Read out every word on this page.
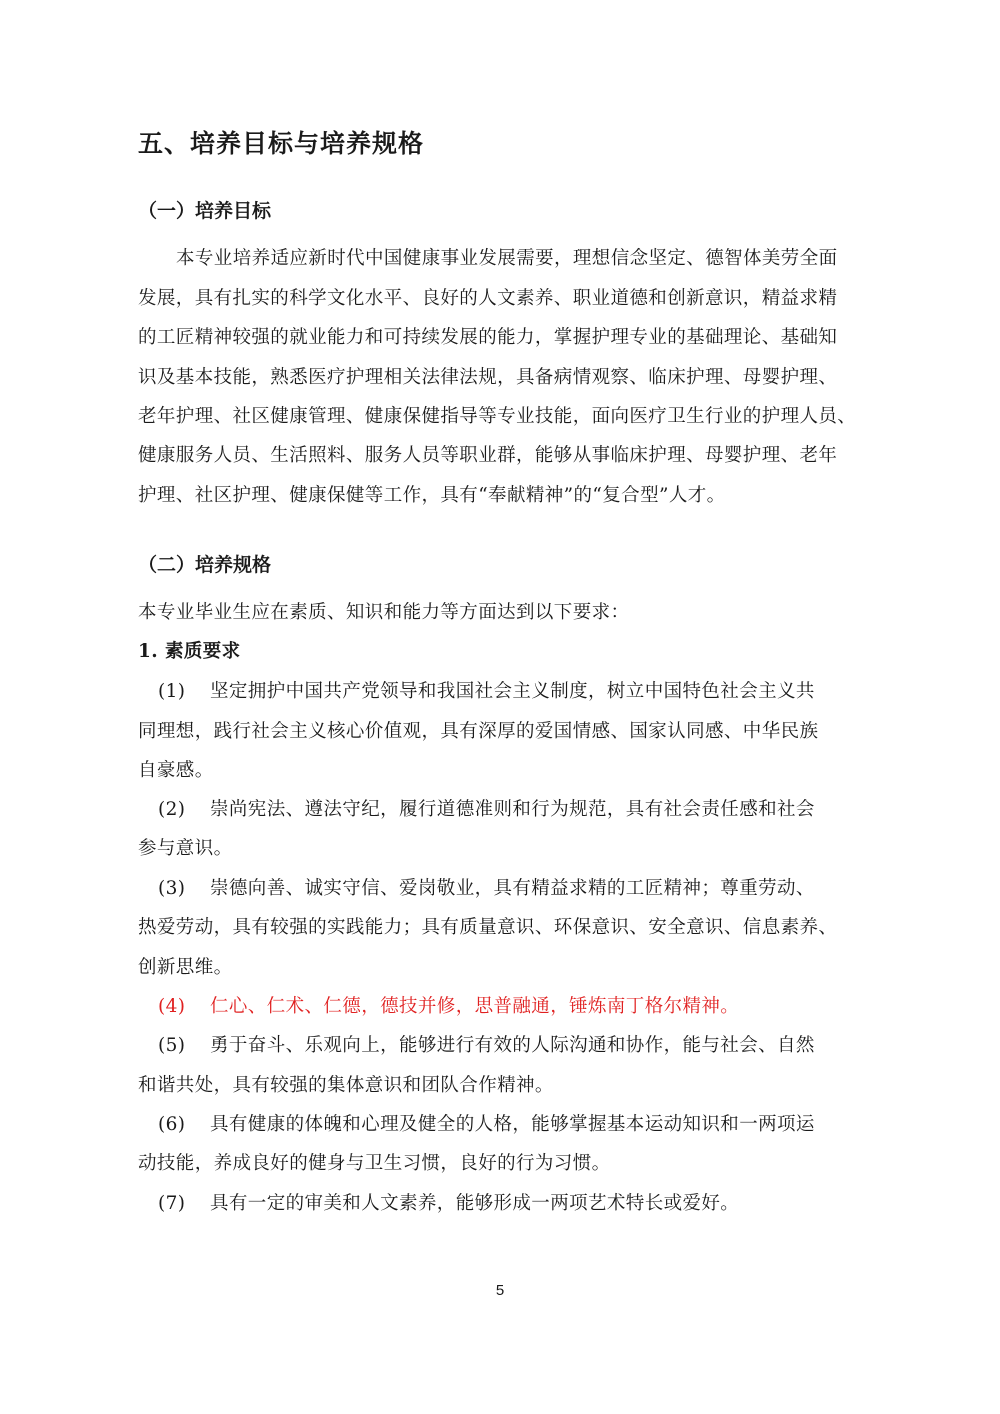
五、培养目标与培养规格
（一）培养目标
本专业培养适应新时代中国健康事业发展需要，理想信念坚定、德智体美劳全面
发展，具有扎实的科学文化水平、良好的人文素养、职业道德和创新意识，精益求精
的工匠精神较强的就业能力和可持续发展的能力，掌握护理专业的基础理论、基础知
识及基本技能，熟悉医疗护理相关法律法规，具备病情观察、临床护理、母婴护理、
老年护理、社区健康管理、健康保健指导等专业技能，面向医疗卫生行业的护理人员、
健康服务人员、生活照料、服务人员等职业群，能够从事临床护理、母婴护理、老年
护理、社区护理、健康保健等工作，具有“奉献精神”的“复合型”人才。
（二）培养规格
本专业毕业生应在素质、知识和能力等方面达到以下要求：
1. 素质要求
(1) 坚定拥护中国共产党领导和我国社会主义制度，树立中国特色社会主义共
同理想，践行社会主义核心价值观，具有深厚的爱国情感、国家认同感、中华民族
自豪感。
(2) 崇尚宪法、遵法守纪，履行道德准则和行为规范，具有社会责任感和社会
参与意识。
(3) 崇德向善、诚实守信、爱岗敬业，具有精益求精的工匠精神；尊重劳动、
热爱劳动，具有较强的实践能力；具有质量意识、环保意识、安全意识、信息素养、
创新思维。
(4) 仁心、仁术、仁德，德技并修，思普融通，锤炼南丁格尔精神。
(5) 勇于奋斗、乐观向上，能够进行有效的人际沟通和协作，能与社会、自然
和谐共处，具有较强的集体意识和团队合作精神。
(6) 具有健康的体魄和心理及健全的人格，能够掌握基本运动知识和一两项运
动技能，养成良好的健身与卫生习惯，良好的行为习惯。
(7) 具有一定的审美和人文素养，能够形成一两项艺术特长或爱好。
5
